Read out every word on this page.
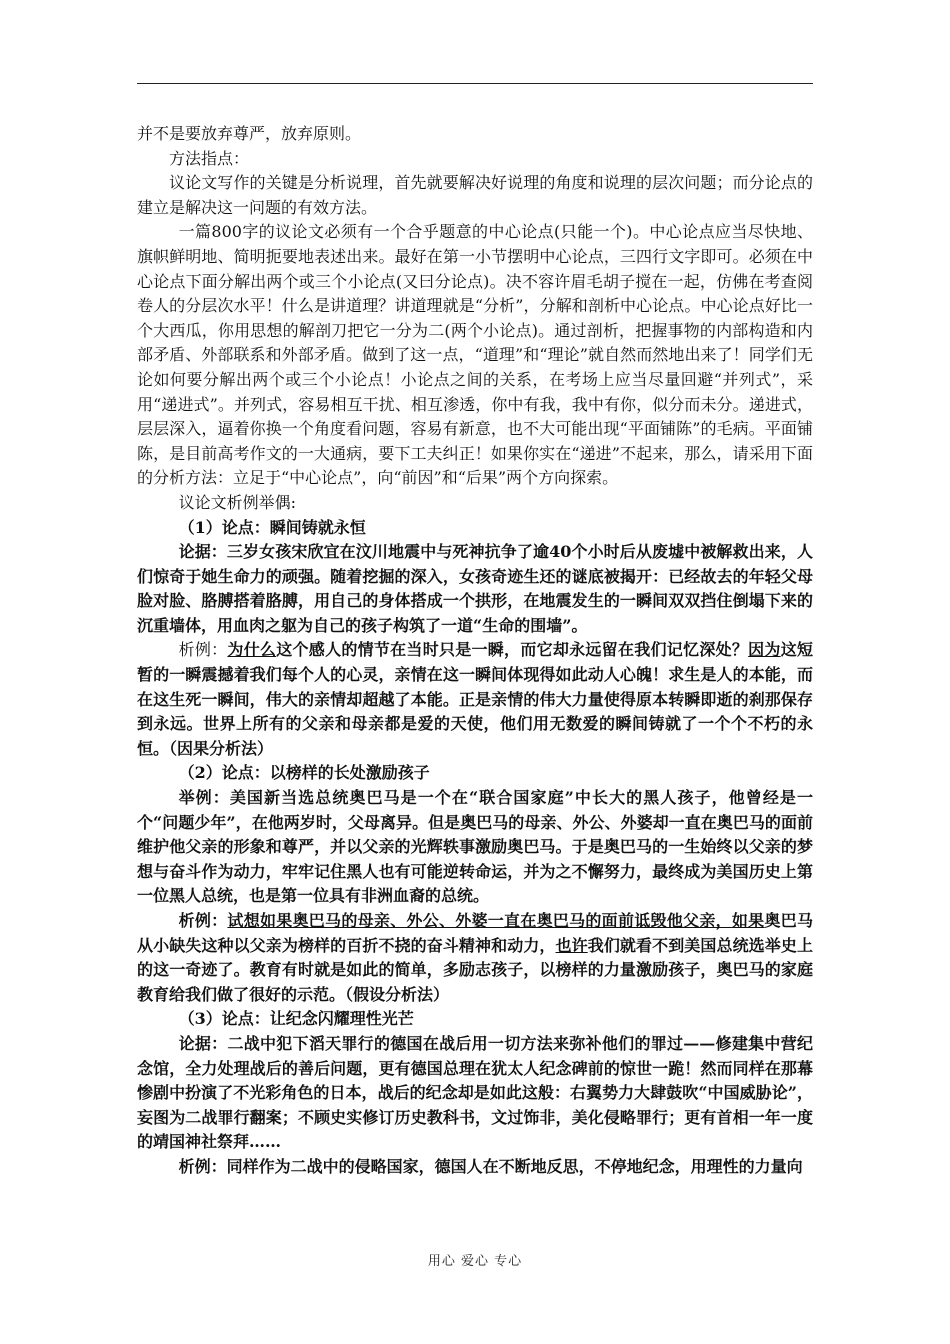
并不是要放弃尊严，放弃原则。

方法指点：

议论文写作的关键是分析说理，首先就要解决好说理的角度和说理的层次问题；而分论点的建立是解决这一问题的有效方法。

一篇800字的议论文必须有一个合乎题意的中心论点(只能一个)。中心论点应当尽快地、旗帜鲜明地、简明扼要地表述出来。最好在第一小节摆明中心论点，三四行文字即可。必须在中心论点下面分解出两个或三个小论点(又曰分论点)。决不容许眉毛胡子搅在一起，仿佛在考查阅卷人的分层次水平！什么是讲道理？讲道理就是“分析”，分解和剖析中心论点。中心论点好比一个大西瓜，你用思想的解剖刀把它一分为二(两个小论点)。通过剖析，把握事物的内部构造和内部矛盾、外部联系和外部矛盾。做到了这一点，“道理”和“理论”就自然而然地出来了！同学们无论如何要分解出两个或三个小论点！小论点之间的关系，在考场上应当尽量回避“并列式”，采用“递进式”。并列式，容易相互干扰、相互渗透，你中有我，我中有你，似分而未分。递进式，层层深入，逼着你换一个角度看问题，容易有新意，也不大可能出现“平面铺陈”的毛病。平面铺陈，是目前高考作文的一大通病，要下工夫纠正！如果你实在“递进”不起来，那么，请采用下面的分析方法：立足于“中心论点”，向“前因”和“后果”两个方向探索。

议论文析例举偶:

（1）论点：瞬间铸就永恒

论据：三岁女孩宋欣宜在汶川地震中与死神抗争了逾40个小时后从废墟中被解救出来，人们惊奇于她生命力的顽强。随着挖掘的深入，女孩奇迹生还的谜底被揭开：已经故去的年轻父母脸对脸、胳膊搭着胳膊，用自己的身体搭成一个拱形，在地震发生的一瞬间双双挡住倒塌下来的沉重墙体，用血肉之躯为自己的孩子构筑了一道“生命的围墙”。

析例：为什么这个感人的情节在当时只是一瞬，而它却永远留在我们记忆深处？因为这短暂的一瞬震撼着我们每个人的心灵，亲情在这一瞬间体现得如此动人心魄！求生是人的本能，而在这生死一瞬间，伟大的亲情却超越了本能。正是亲情的伟大力量使得原本转瞬即逝的刹那保存到永远。世界上所有的父亲和母亲都是爱的天使，他们用无数爱的瞬间铸就了一个个不朽的永恒。（因果分析法）

（2）论点：以榜样的长处激励孩子

举例：美国新当选总统奥巴马是一个在“联合国家庭”中长大的黑人孩子，他曾经是一个“问题少年”，在他两岁时，父母离异。但是奥巴马的母亲、外公、外婆却一直在奥巴马的面前维护他父亲的形象和尊严，并以父亲的光辉轶事激励奥巴马。于是奥巴马的一生始终以父亲的梦想与奋斗作为动力，牢牢记住黑人也有可能逆转命运，并为之不懈努力，最终成为美国历史上第一位黑人总统，也是第一位具有非洲血裔的总统。

析例：试想如果奥巴马的母亲、外公、外婆一直在奥巴马的面前诋毁他父亲，如果奥巴马从小缺失这种以父亲为榜样的百折不挠的奋斗精神和动力，也许我们就看不到美国总统选举史上的这一奇迹了。教育有时就是如此的简单，多励志孩子，以榜样的力量激励孩子，奥巴马的家庭教育给我们做了很好的示范。（假设分析法）

（3）论点：让纪念闪耀理性光芒

论据：二战中犯下滔天罪行的德国在战后用一切方法来弥补他们的罪过——修建集中营纪念馆，全力处理战后的善后问题，更有德国总理在犹太人纪念碑前的惊世一跪！然而同样在那幕惨剧中扮演了不光彩角色的日本，战后的纪念却是如此这般：右翼势力大肆鼓吹“中国威胁论”，妄图为二战罪行翻案；不顾史实修订历史教科书，文过饰非，美化侵略罪行；更有首相一年一度的靖国神社祭拜……

析例：同样作为二战中的侵略国家，德国人在不断地反思，不停地纪念，用理性的力量向

用心 爱心 专心
